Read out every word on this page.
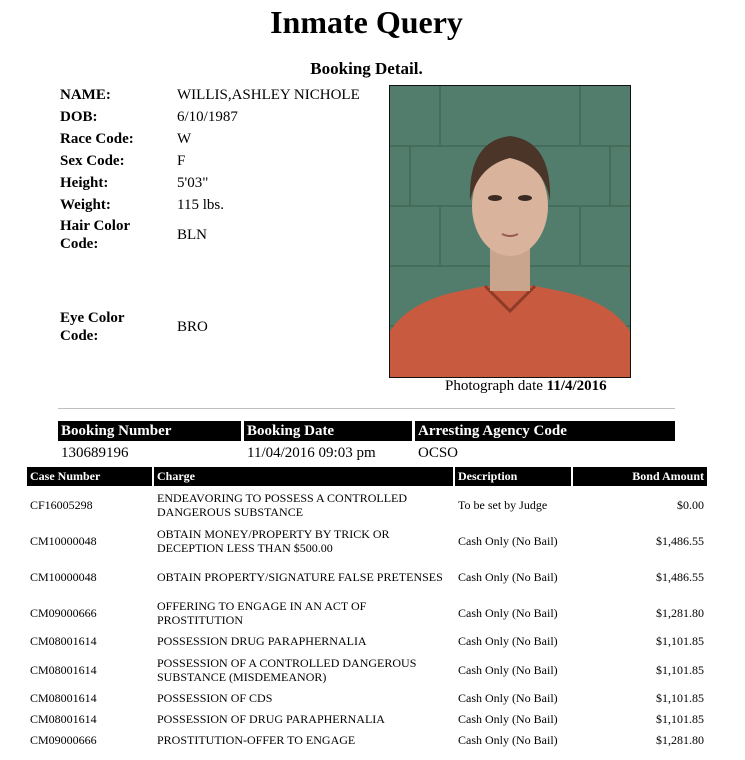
Inmate Query
Booking Detail.
NAME:	WILLIS,ASHLEY NICHOLE
DOB:	6/10/1987
Race Code:	W
Sex Code:	F
Height:	5'03"
Weight:	115 lbs.
Hair Color Code:
BLN
Eye Color Code:
BRO
Photograph date 11/4/2016
Booking Number	Booking Date	Arresting Agency Code
130689196	11/04/2016 09:03 pm	OCSO
Case Number	Charge	Description	Bond Amount
CF16005298	ENDEAVORING TO POSSESS A CONTROLLED DANGEROUS SUBSTANCE	To be set by Judge	$0.00
CM10000048	OBTAIN MONEY/PROPERTY BY TRICK OR DECEPTION LESS THAN $500.00	Cash Only (No Bail)	$1,486.55
CM10000048	OBTAIN PROPERTY/SIGNATURE FALSE PRETENSES	Cash Only (No Bail)	$1,486.55
CM09000666	OFFERING TO ENGAGE IN AN ACT OF PROSTITUTION	Cash Only (No Bail)	$1,281.80
CM08001614	POSSESSION DRUG PARAPHERNALIA	Cash Only (No Bail)	$1,101.85
CM08001614	POSSESSION OF A CONTROLLED DANGEROUS SUBSTANCE (MISDEMEANOR)	Cash Only (No Bail)	$1,101.85
CM08001614	POSSESSION OF CDS	Cash Only (No Bail)	$1,101.85
CM08001614	POSSESSION OF DRUG PARAPHERNALIA	Cash Only (No Bail)	$1,101.85
CM09000666	PROSTITUTION-OFFER TO ENGAGE	Cash Only (No Bail)	$1,281.80
